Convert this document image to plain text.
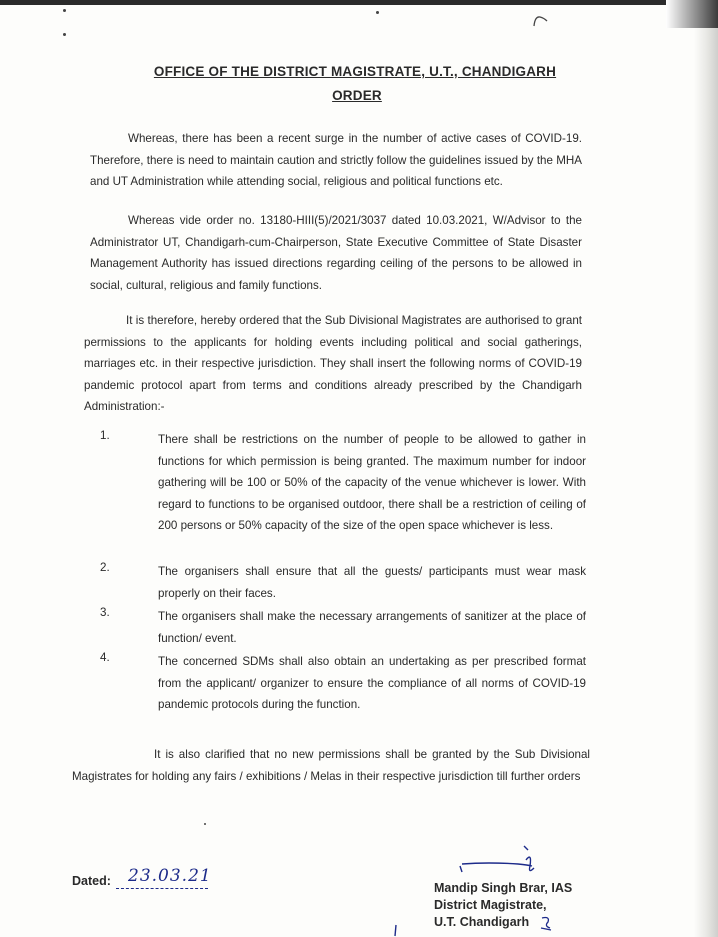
OFFICE OF THE DISTRICT MAGISTRATE, U.T., CHANDIGARH
ORDER

Whereas, there has been a recent surge in the number of active cases of COVID-19. Therefore, there is need to maintain caution and strictly follow the guidelines issued by the MHA and UT Administration while attending social, religious and political functions etc.

Whereas vide order no. 13180-HIII(5)/2021/3037 dated 10.03.2021, W/Advisor to the Administrator UT, Chandigarh-cum-Chairperson, State Executive Committee of State Disaster Management Authority has issued directions regarding ceiling of the persons to be allowed in social, cultural, religious and family functions.

It is therefore, hereby ordered that the Sub Divisional Magistrates are authorised to grant permissions to the applicants for holding events including political and social gatherings, marriages etc. in their respective jurisdiction. They shall insert the following norms of COVID-19 pandemic protocol apart from terms and conditions already prescribed by the Chandigarh Administration:-

1.	There shall be restrictions on the number of people to be allowed to gather in functions for which permission is being granted. The maximum number for indoor gathering will be 100 or 50% of the capacity of the venue whichever is lower. With regard to functions to be organised outdoor, there shall be a restriction of ceiling of 200 persons or 50% capacity of the size of the open space whichever is less.

2.	The organisers shall ensure that all the guests/ participants must wear mask properly on their faces.

3.	The organisers shall make the necessary arrangements of sanitizer at the place of function/ event.

4.	The concerned SDMs shall also obtain an undertaking as per prescribed format from the applicant/ organizer to ensure the compliance of all norms of COVID-19 pandemic protocols during the function.

It is also clarified that no new permissions shall be granted by the Sub Divisional Magistrates for holding any fairs / exhibitions / Melas in their respective jurisdiction till further orders

Dated: 23.03.21
Mandip Singh Brar, IAS
District Magistrate,
U.T. Chandigarh
